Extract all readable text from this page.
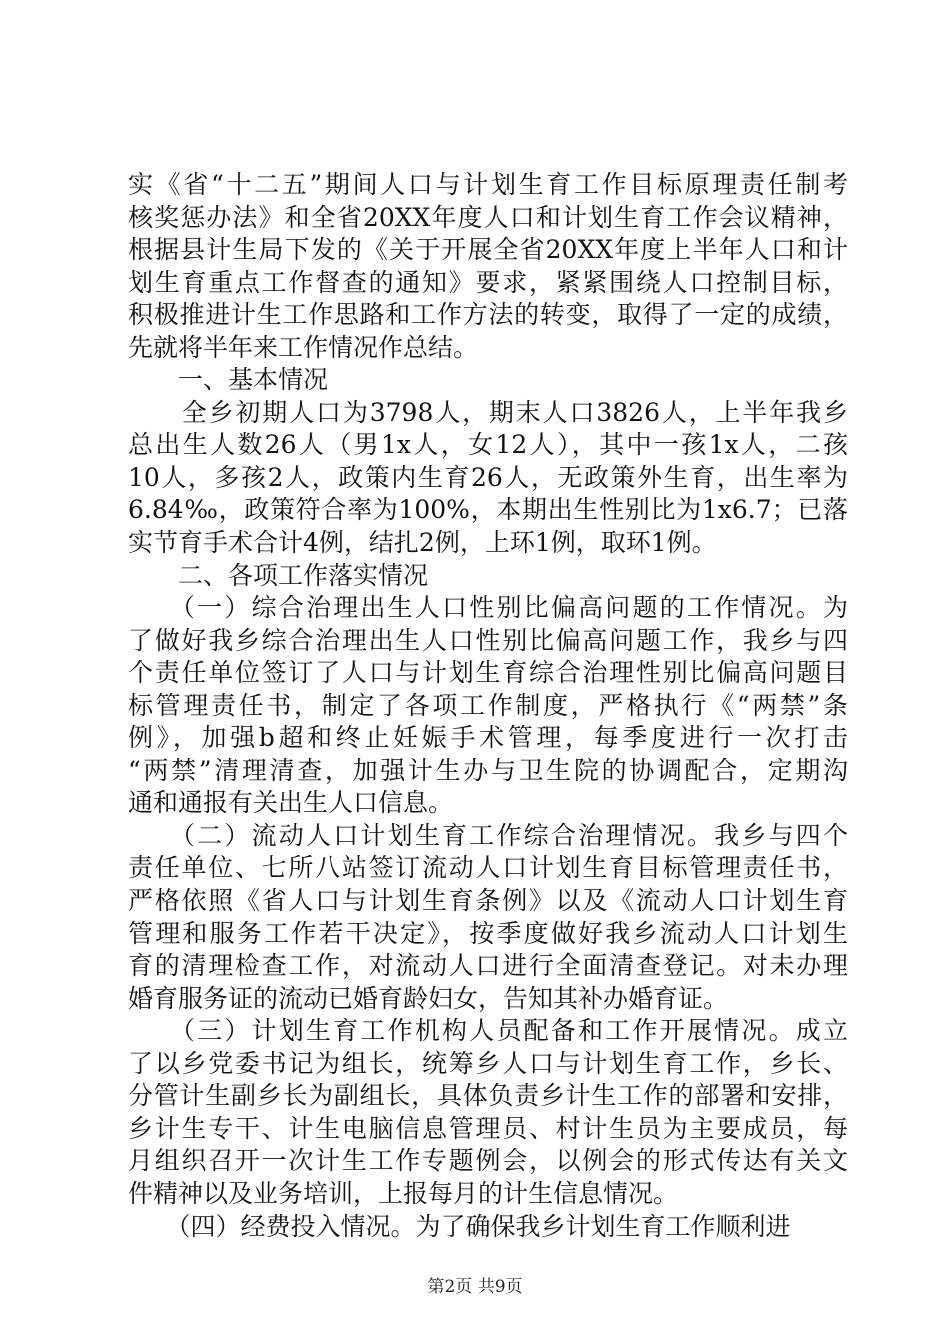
实《省“十二五”期间人口与计划生育工作目标原理责任制考
核奖惩办法》和全省20XX年度人口和计划生育工作会议精神，
根据县计生局下发的《关于开展全省20XX年度上半年人口和计
划生育重点工作督查的通知》要求，紧紧围绕人口控制目标，
积极推进计生工作思路和工作方法的转变，取得了一定的成绩，
先就将半年来工作情况作总结。
　　一、基本情况
　　全乡初期人口为3798人，期末人口3826人，上半年我乡
总出生人数26人（男1x人，女12人），其中一孩1x人，二孩
10人，多孩2人，政策内生育26人，无政策外生育，出生率为
6.84‰，政策符合率为100%，本期出生性别比为1x6.7；已落
实节育手术合计4例，结扎2例，上环1例，取环1例。
　　二、各项工作落实情况
　　（一）综合治理出生人口性别比偏高问题的工作情况。为
了做好我乡综合治理出生人口性别比偏高问题工作，我乡与四
个责任单位签订了人口与计划生育综合治理性别比偏高问题目
标管理责任书，制定了各项工作制度，严格执行《“两禁”条
例》，加强b超和终止妊娠手术管理，每季度进行一次打击
“两禁”清理清查，加强计生办与卫生院的协调配合，定期沟
通和通报有关出生人口信息。
　　（二）流动人口计划生育工作综合治理情况。我乡与四个
责任单位、七所八站签订流动人口计划生育目标管理责任书，
严格依照《省人口与计划生育条例》以及《流动人口计划生育
管理和服务工作若干决定》，按季度做好我乡流动人口计划生
育的清理检查工作，对流动人口进行全面清查登记。对未办理
婚育服务证的流动已婚育龄妇女，告知其补办婚育证。
　　（三）计划生育工作机构人员配备和工作开展情况。成立
了以乡党委书记为组长，统筹乡人口与计划生育工作，乡长、
分管计生副乡长为副组长，具体负责乡计生工作的部署和安排，
乡计生专干、计生电脑信息管理员、村计生员为主要成员，每
月组织召开一次计生工作专题例会，以例会的形式传达有关文
件精神以及业务培训，上报每月的计生信息情况。
　　（四）经费投入情况。为了确保我乡计划生育工作顺利进
第2页 共9页
